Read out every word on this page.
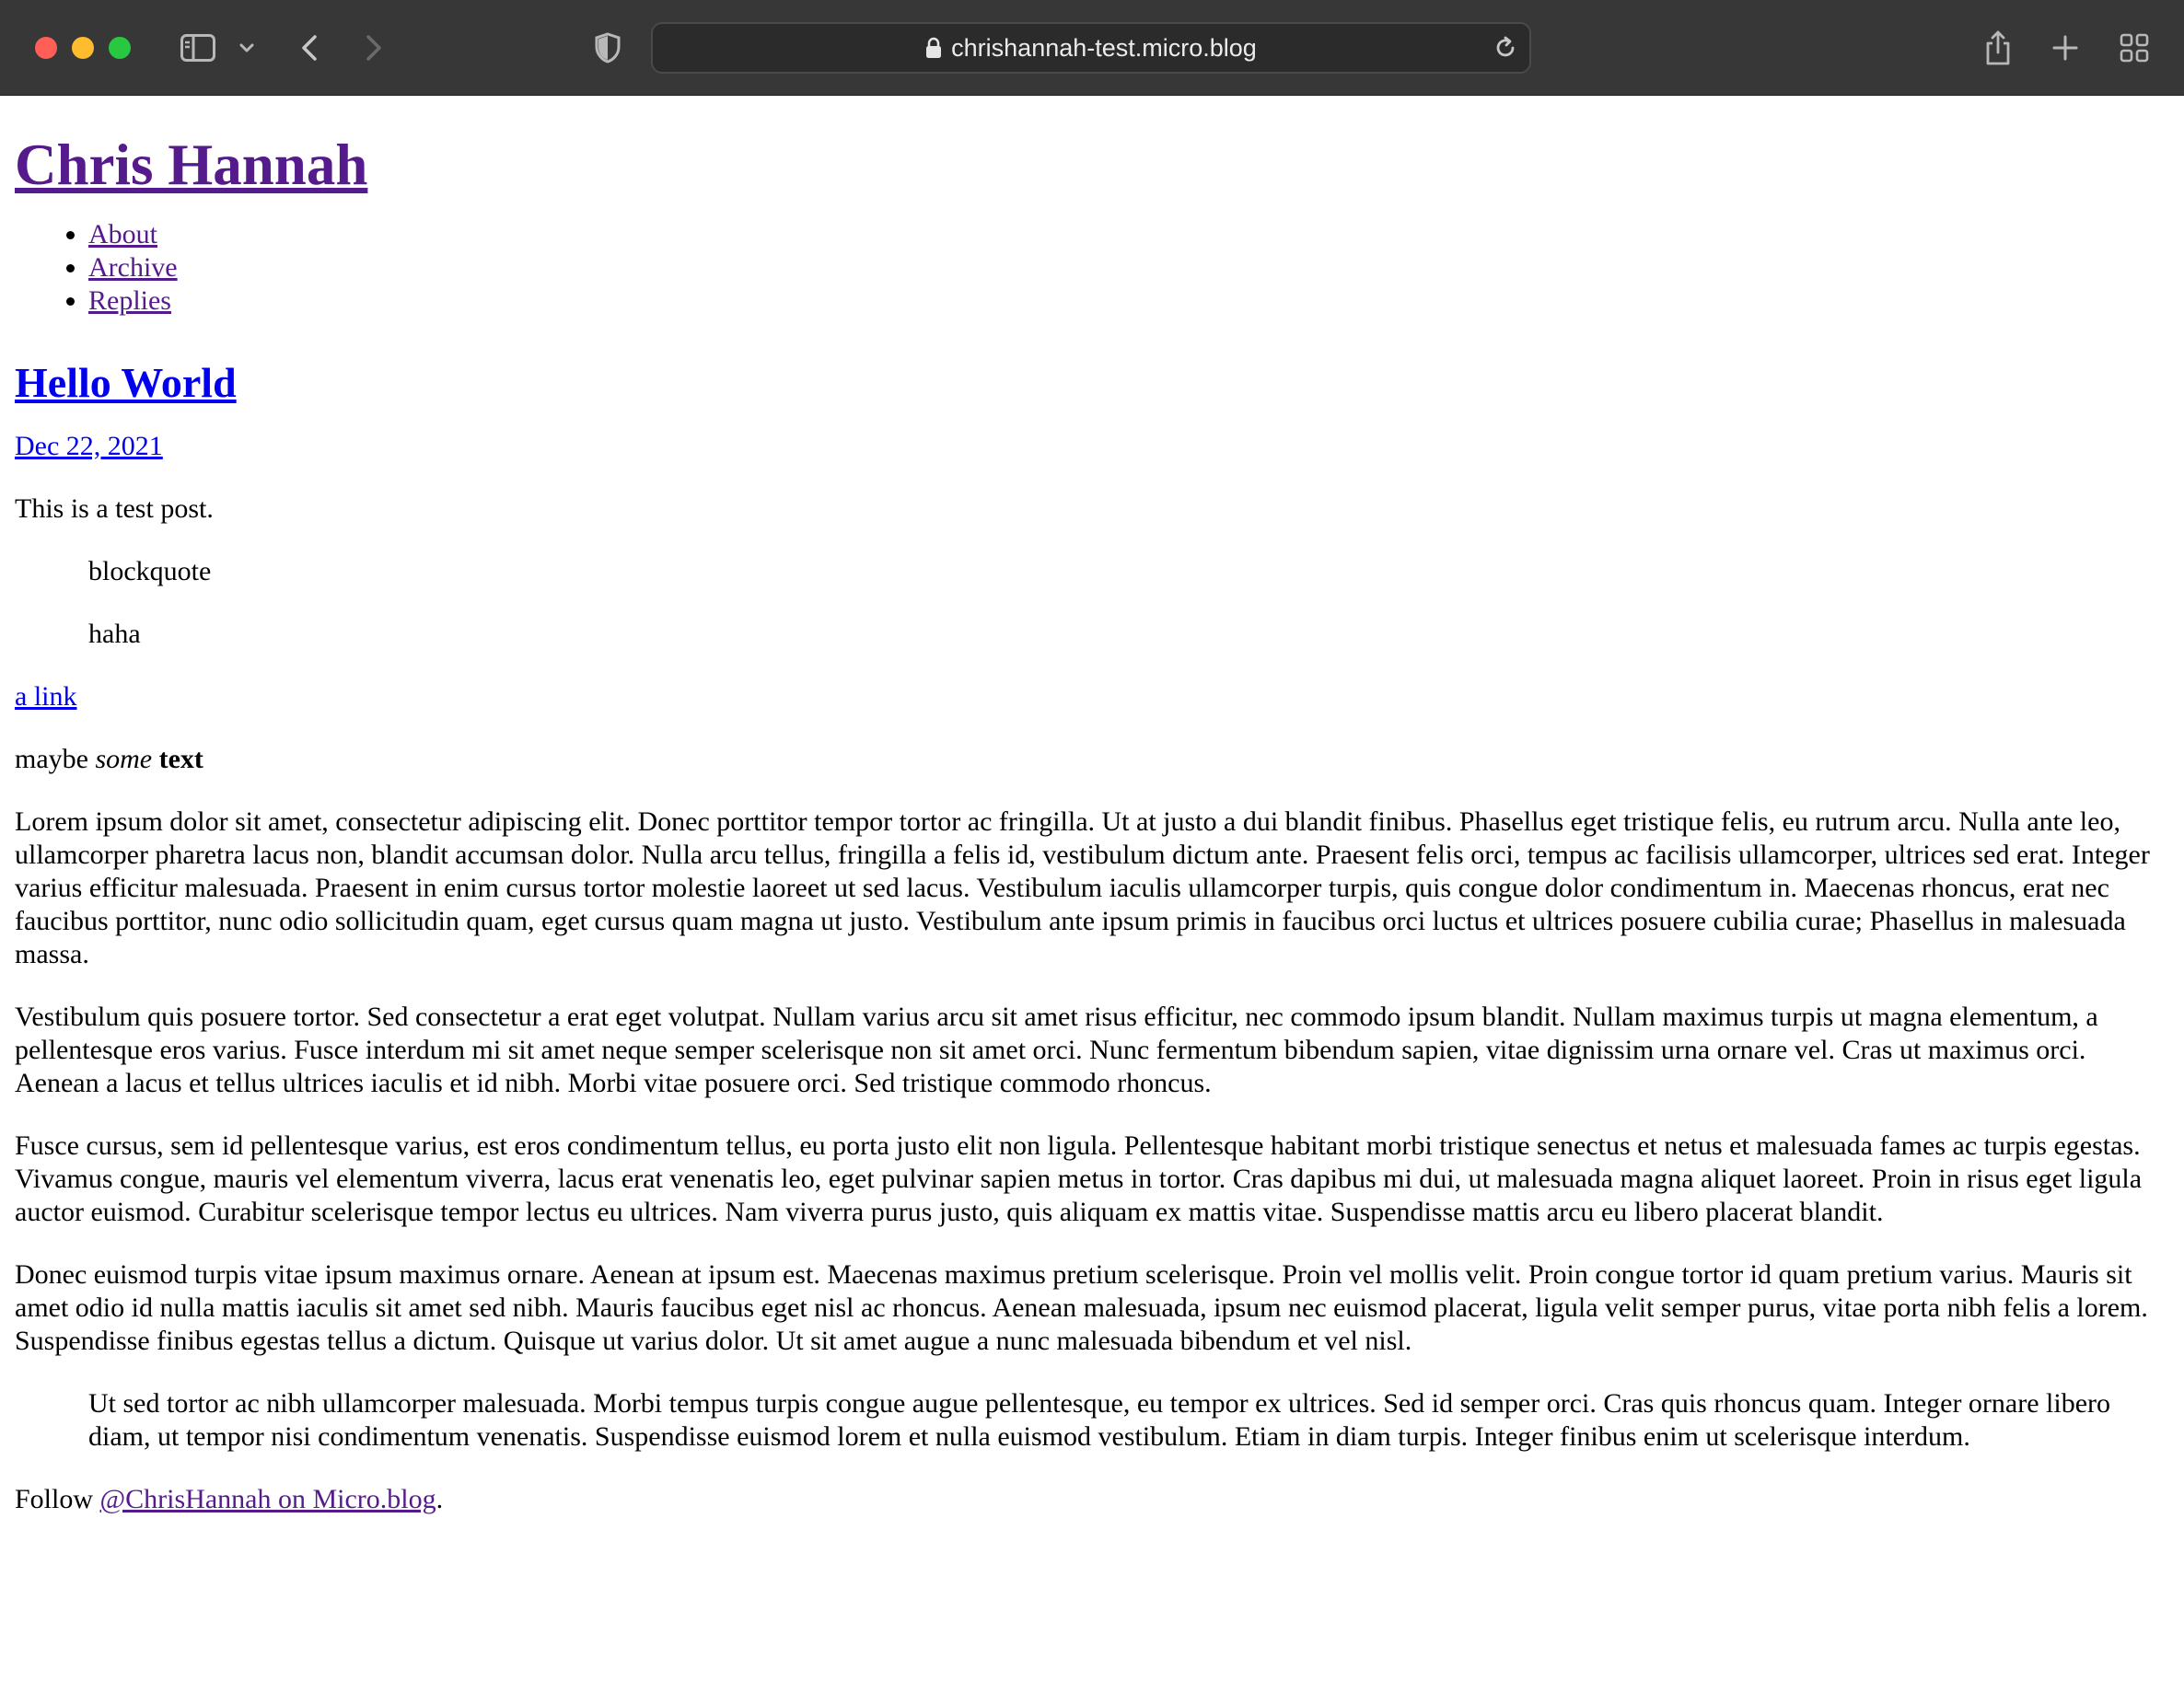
chrishannah-test.micro.blog
Chris Hannah
• About
• Archive
• Replies
Hello World

Dec 22, 2021

This is a test post.

blockquote

haha

a link

maybe some text

Lorem ipsum dolor sit amet, consectetur adipiscing elit. Donec porttitor tempor tortor ac fringilla. Ut at justo a dui blandit finibus. Phasellus eget tristique felis, eu rutrum arcu. Nulla ante leo, ullamcorper pharetra lacus non, blandit accumsan dolor. Nulla arcu tellus, fringilla a felis id, vestibulum dictum ante. Praesent felis orci, tempus ac facilisis ullamcorper, ultrices sed erat. Integer varius efficitur malesuada. Praesent in enim cursus tortor molestie laoreet ut sed lacus. Vestibulum iaculis ullamcorper turpis, quis congue dolor condimentum in. Maecenas rhoncus, erat nec faucibus porttitor, nunc odio sollicitudin quam, eget cursus quam magna ut justo. Vestibulum ante ipsum primis in faucibus orci luctus et ultrices posuere cubilia curae; Phasellus in malesuada massa.

Vestibulum quis posuere tortor. Sed consectetur a erat eget volutpat. Nullam varius arcu sit amet risus efficitur, nec commodo ipsum blandit. Nullam maximus turpis ut magna elementum, a pellentesque eros varius. Fusce interdum mi sit amet neque semper scelerisque non sit amet orci. Nunc fermentum bibendum sapien, vitae dignissim urna ornare vel. Cras ut maximus orci. Aenean a lacus et tellus ultrices iaculis et id nibh. Morbi vitae posuere orci. Sed tristique commodo rhoncus.

Fusce cursus, sem id pellentesque varius, est eros condimentum tellus, eu porta justo elit non ligula. Pellentesque habitant morbi tristique senectus et netus et malesuada fames ac turpis egestas. Vivamus congue, mauris vel elementum viverra, lacus erat venenatis leo, eget pulvinar sapien metus in tortor. Cras dapibus mi dui, ut malesuada magna aliquet laoreet. Proin in risus eget ligula auctor euismod. Curabitur scelerisque tempor lectus eu ultrices. Nam viverra purus justo, quis aliquam ex mattis vitae. Suspendisse mattis arcu eu libero placerat blandit.

Donec euismod turpis vitae ipsum maximus ornare. Aenean at ipsum est. Maecenas maximus pretium scelerisque. Proin vel mollis velit. Proin congue tortor id quam pretium varius. Mauris sit amet odio id nulla mattis iaculis sit amet sed nibh. Mauris faucibus eget nisl ac rhoncus. Aenean malesuada, ipsum nec euismod placerat, ligula velit semper purus, vitae porta nibh felis a lorem. Suspendisse finibus egestas tellus a dictum. Quisque ut varius dolor. Ut sit amet augue a nunc malesuada bibendum et vel nisl.

Ut sed tortor ac nibh ullamcorper malesuada. Morbi tempus turpis congue augue pellentesque, eu tempor ex ultrices. Sed id semper orci. Cras quis rhoncus quam. Integer ornare libero diam, ut tempor nisi condimentum venenatis. Suspendisse euismod lorem et nulla euismod vestibulum. Etiam in diam turpis. Integer finibus enim ut scelerisque interdum.

Follow @ChrisHannah on Micro.blog.
